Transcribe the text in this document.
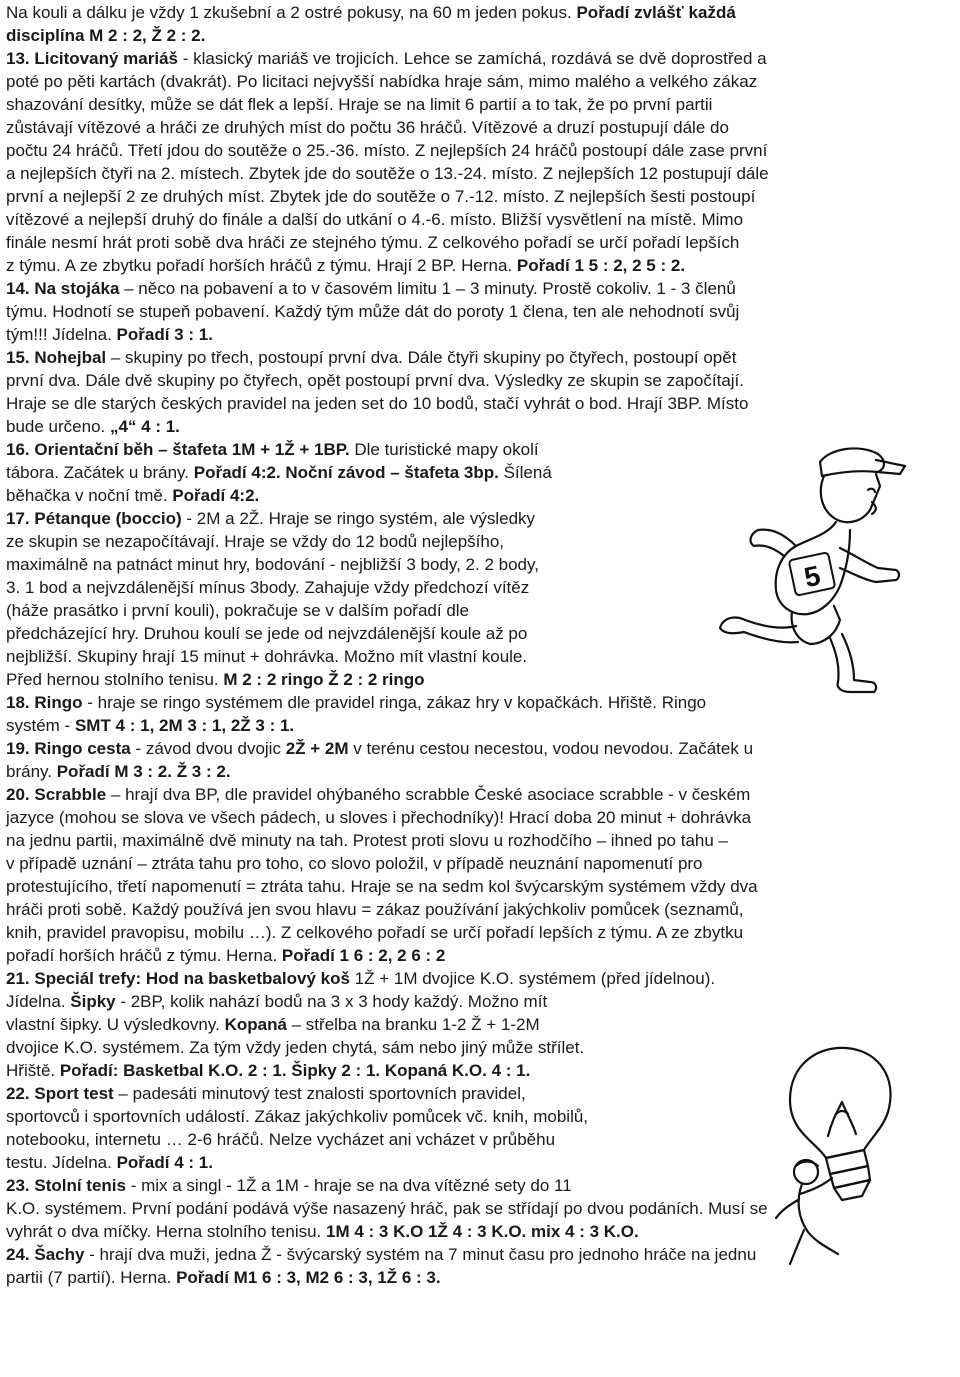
Na kouli a dálku je vždy 1 zkušební a 2 ostré pokusy, na 60 m jeden pokus. Pořadí zvlášť každá
disciplína M 2 : 2, Ž 2 : 2.
13. Licitovaný mariáš - klasický mariáš ve trojicích. Lehce se zamíchá, rozdává se dvě doprostřed a
poté po pěti kartách (dvakrát). Po licitaci nejvyšší nabídka hraje sám, mimo malého a velkého zákaz
shazování desítky, může se dát flek a lepší. Hraje se na limit 6 partií a to tak, že po první partii
zůstávají vítězové a hráči ze druhých míst do počtu 36 hráčů. Vítězové a druzí postupují dále do
počtu 24 hráčů. Třetí jdou do soutěže o 25.-36. místo. Z nejlepších 24 hráčů postoupí dále zase první
a nejlepších čtyři na 2. místech. Zbytek jde do soutěže o 13.-24. místo. Z nejlepších 12 postupují dále
první a nejlepší 2 ze druhých míst. Zbytek jde do soutěže o 7.-12. místo. Z nejlepších šesti postoupí
vítězové a nejlepší druhý do finále a další do utkání o 4.-6. místo. Bližší vysvětlení na místě. Mimo
finále nesmí hrát proti sobě dva hráči ze stejného týmu. Z celkového pořadí se určí pořadí lepších
z týmu. A ze zbytku pořadí horších hráčů z týmu. Hrají 2 BP. Herna. Pořadí 1 5 : 2, 2 5 : 2.
14. Na stojáka – něco na pobavení a to v časovém limitu 1 – 3 minuty. Prostě cokoliv. 1 - 3 členů
týmu. Hodnotí se stupeň pobavení. Každý tým může dát do poroty 1 člena, ten ale nehodnotí svůj
tým!!! Jídelna. Pořadí 3 : 1.
15. Nohejbal – skupiny po třech, postoupí první dva. Dále čtyři skupiny po čtyřech, postoupí opět
první dva. Dále dvě skupiny po čtyřech, opět postoupí první dva. Výsledky ze skupin se započítají.
Hraje se dle starých českých pravidel na jeden set do 10 bodů, stačí vyhrát o bod. Hrají 3BP. Místo
bude určeno. „4“ 4 : 1.
16. Orientační běh – štafeta 1M + 1Ž + 1BP. Dle turistické mapy okolí
tábora. Začátek u brány. Pořadí 4:2. Noční závod – štafeta 3bp. Šílená
běhačka v noční tmě. Pořadí 4:2.
17. Pétanque (boccio) - 2M a 2Ž. Hraje se ringo systém, ale výsledky
ze skupin se nezapočítávají. Hraje se vždy do 12 bodů nejlepšího,
maximálně na patnáct minut hry, bodování - nejbližší 3 body, 2. 2 body,
3. 1 bod a nejvzdálenější mínus 3body. Zahajuje vždy předchozí vítěz
(háže prasátko i první kouli), pokračuje se v dalším pořadí dle
předcházející hry. Druhou koulí se jede od nejvzdálenější koule až po
nejbližší. Skupiny hrají 15 minut + dohrávka. Možno mít vlastní koule.
Před hernou stolního tenisu. M 2 : 2 ringo Ž 2 : 2 ringo
18. Ringo - hraje se ringo systémem dle pravidel ringa, zákaz hry v kopačkách. Hřiště. Ringo
systém - SMT 4 : 1, 2M 3 : 1, 2Ž 3 : 1.
19. Ringo cesta - závod dvou dvojic 2Ž + 2M v terénu cestou necestou, vodou nevodou. Začátek u
brány. Pořadí M 3 : 2. Ž 3 : 2.
20. Scrabble – hrají dva BP, dle pravidel ohýbaného scrabble České asociace scrabble - v českém
jazyce (mohou se slova ve všech pádech, u sloves i přechodníky)! Hrací doba 20 minut + dohrávka
na jednu partii, maximálně dvě minuty na tah. Protest proti slovu u rozhodčího – ihned po tahu –
v případě uznání – ztráta tahu pro toho, co slovo položil, v případě neuznání napomenutí pro
protestujícího, třetí napomenutí = ztráta tahu. Hraje se na sedm kol švýcarským systémem vždy dva
hráči proti sobě. Každý používá jen svou hlavu = zákaz používání jakýchkoliv pomůcek (seznamů,
knih, pravidel pravopisu, mobilu …). Z celkového pořadí se určí pořadí lepších z týmu. A ze zbytku
pořadí horších hráčů z týmu. Herna. Pořadí 1 6 : 2, 2 6 : 2
21. Speciál trefy: Hod na basketbalový koš 1Ž + 1M dvojice K.O. systémem (před jídelnou).
Jídelna. Šipky - 2BP, kolik nahází bodů na 3 x 3 hody každý. Možno mít
vlastní šipky. U výsledkovny. Kopaná – střelba na branku 1-2 Ž + 1-2M
dvojice K.O. systémem. Za tým vždy jeden chytá, sám nebo jiný může střílet.
Hřiště. Pořadí: Basketbal K.O. 2 : 1. Šipky 2 : 1. Kopaná K.O. 4 : 1.
22. Sport test – padesáti minutový test znalosti sportovních pravidel,
sportovců i sportovních událostí. Zákaz jakýchkoliv pomůcek vč. knih, mobilů,
notebooku, internetu … 2-6 hráčů. Nelze vycházet ani vcházet v průběhu
testu. Jídelna. Pořadí 4 : 1.
23. Stolní tenis - mix a singl - 1Ž a 1M - hraje se na dva vítězné sety do 11
K.O. systémem. První podání podává výše nasazený hráč, pak se střídají po dvou podáních. Musí se
vyhrát o dva míčky. Herna stolního tenisu. 1M 4 : 3 K.O 1Ž 4 : 3 K.O. mix 4 : 3 K.O.
24. Šachy - hrají dva muži, jedna Ž - švýcarský systém na 7 minut času pro jednoho hráče na jednu
partii (7 partií). Herna. Pořadí M1 6 : 3, M2 6 : 3, 1Ž 6 : 3.
5
